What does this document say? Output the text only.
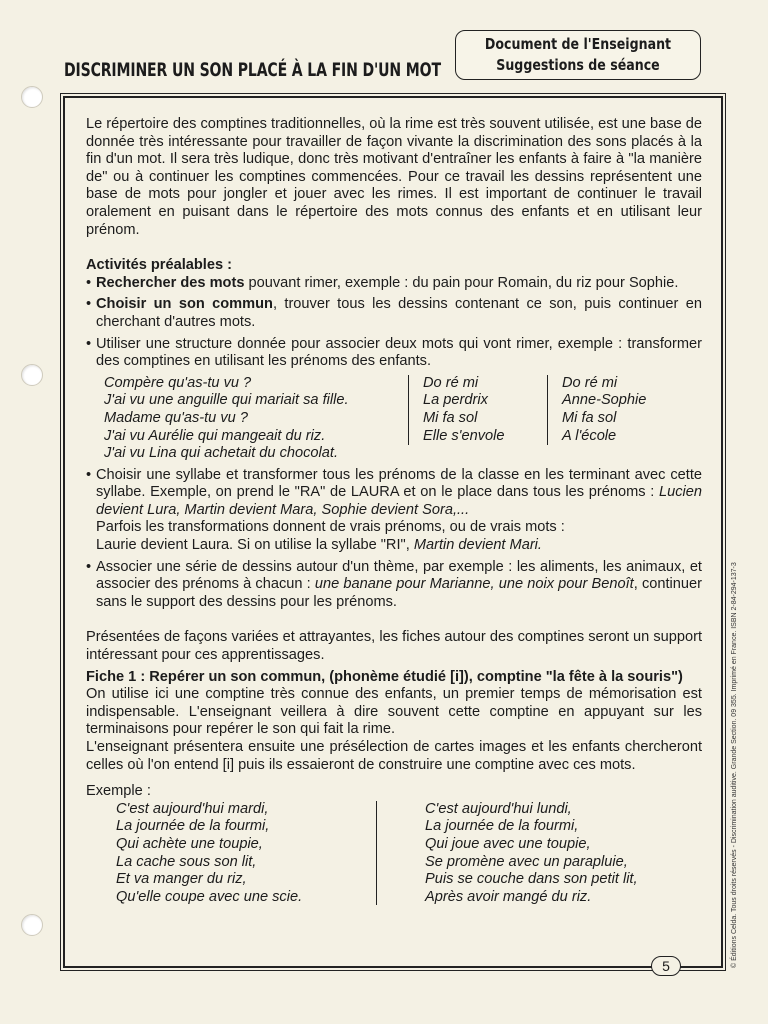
DISCRIMINER UN SON PLACÉ À LA FIN D'UN MOT
Document de l'Enseignant
Suggestions de séance

Le répertoire des comptines traditionnelles, où la rime est très souvent utilisée, est une base de donnée très intéressante pour travailler de façon vivante la discrimination des sons placés à la fin d'un mot. Il sera très ludique, donc très motivant d'entraîner les enfants à faire à "la manière de" ou à continuer les comptines commencées. Pour ce travail les dessins représentent une base de mots pour jongler et jouer avec les rimes. Il est important de continuer le travail oralement en puisant dans le répertoire des mots connus des enfants et en utilisant leur prénom.

Activités préalables :

• Rechercher des mots pouvant rimer, exemple : du pain pour Romain, du riz pour Sophie.
• Choisir un son commun, trouver tous les dessins contenant ce son, puis continuer en cherchant d'autres mots.
• Utiliser une structure donnée pour associer deux mots qui vont rimer, exemple : transformer des comptines en utilisant les prénoms des enfants.
Compère qu'as-tu vu ?
J'ai vu une anguille qui mariait sa fille.
Madame qu'as-tu vu ?
J'ai vu Aurélie qui mangeait du riz.
J'ai vu Lina qui achetait du chocolat.
Do ré mi
La perdrix
Mi fa sol
Elle s'envole
Do ré mi
Anne-Sophie
Mi fa sol
A l'école
• Choisir une syllabe et transformer tous les prénoms de la classe en les terminant avec cette syllabe. Exemple, on prend le "RA" de LAURA et on le place dans tous les prénoms : Lucien devient Lura, Martin devient Mara, Sophie devient Sora,...
Parfois les transformations donnent de vrais prénoms, ou de vrais mots :
Laurie devient Laura. Si on utilise la syllabe "RI", Martin devient Mari.
• Associer une série de dessins autour d'un thème, par exemple : les aliments, les animaux, et associer des prénoms à chacun : une banane pour Marianne, une noix pour Benoît, continuer sans le support des dessins pour les prénoms.

Présentées de façons variées et attrayantes, les fiches autour des comptines seront un support intéressant pour ces apprentissages.

Fiche 1 : Repérer un son commun, (phonème étudié [i]), comptine "la fête à la souris")

On utilise ici une comptine très connue des enfants, un premier temps de mémorisation est indispensable. L'enseignant veillera à dire souvent cette comptine en appuyant sur les terminaisons pour repérer le son qui fait la rime.

L'enseignant présentera ensuite une présélection de cartes images et les enfants chercheront celles où l'on entend [i] puis ils essaieront de construire une comptine avec ces mots.

Exemple :

C'est aujourd'hui mardi,
La journée de la fourmi,
Qui achète une toupie,
La cache sous son lit,
Et va manger du riz,
Qu'elle coupe avec une scie.
C'est aujourd'hui lundi,
La journée de la fourmi,
Qui joue avec une toupie,
Se promène avec un parapluie,
Puis se couche dans son petit lit,
Après avoir mangé du riz.
5	© Éditions Celda. Tous droits réservés - Discrimination auditive. Grande Section. 09 355. Imprimé en France. ISBN 2-84-294-137-3
